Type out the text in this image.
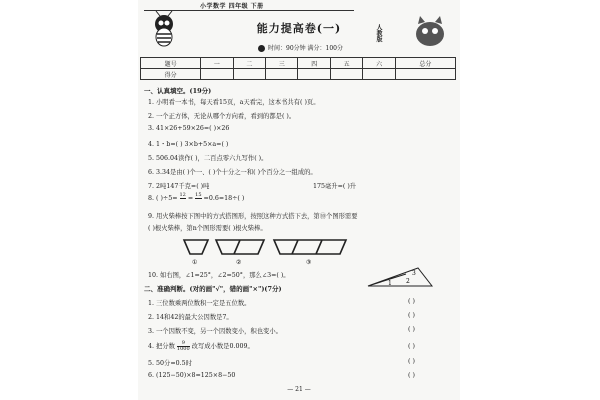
小学数学 四年级 下册
能力提高卷(一)	人教版
时间：90分钟 满分：100分
题号	一	二	三	四	五	六	总分
得分							
一、认真填空。(19分)
1. 小明看一本书，每天看15页，a天看完，这本书共有( )页。
2. 一个正方体，无论从哪个方向看，看到的都是( )。
3. 41×26+59×26=( )×26
4. 1・b=( ) 3×b+5×a=( )
5. 506.04读作( )，二百点零六九写作( )。
6. 3.34是由( )个一、( )个十分之一和( )个百分之一组成的。
7. 2吨147千克=( )吨	175毫升=( )升
8. ( )÷5= 12
= 15
=0.6=18÷( )
9. 用火柴棒按下图中的方式搭图形，按照这种方式搭下去，第⑩个图形需要
( )根火柴棒，第n个图形需要( )根火柴棒。
①	②	③
10. 如右图，∠1=25°，∠2=50°，那么∠3=( )。
1 2
3
二、准确判断。(对的画"√"，错的画"×")(7分)
1. 三位数乘两位数积一定是五位数。	( )
2. 14和42的最大公因数是7。	( )
3. 一个因数不变，另一个因数变小，积也变小。	( )
4. 把分数 $\frac{9}{1000}$ 改写成小数是0.009。	( )
5. 50分=0.5时	( )
6. (125−50)×8=125×8−50	( )
— 21 —
